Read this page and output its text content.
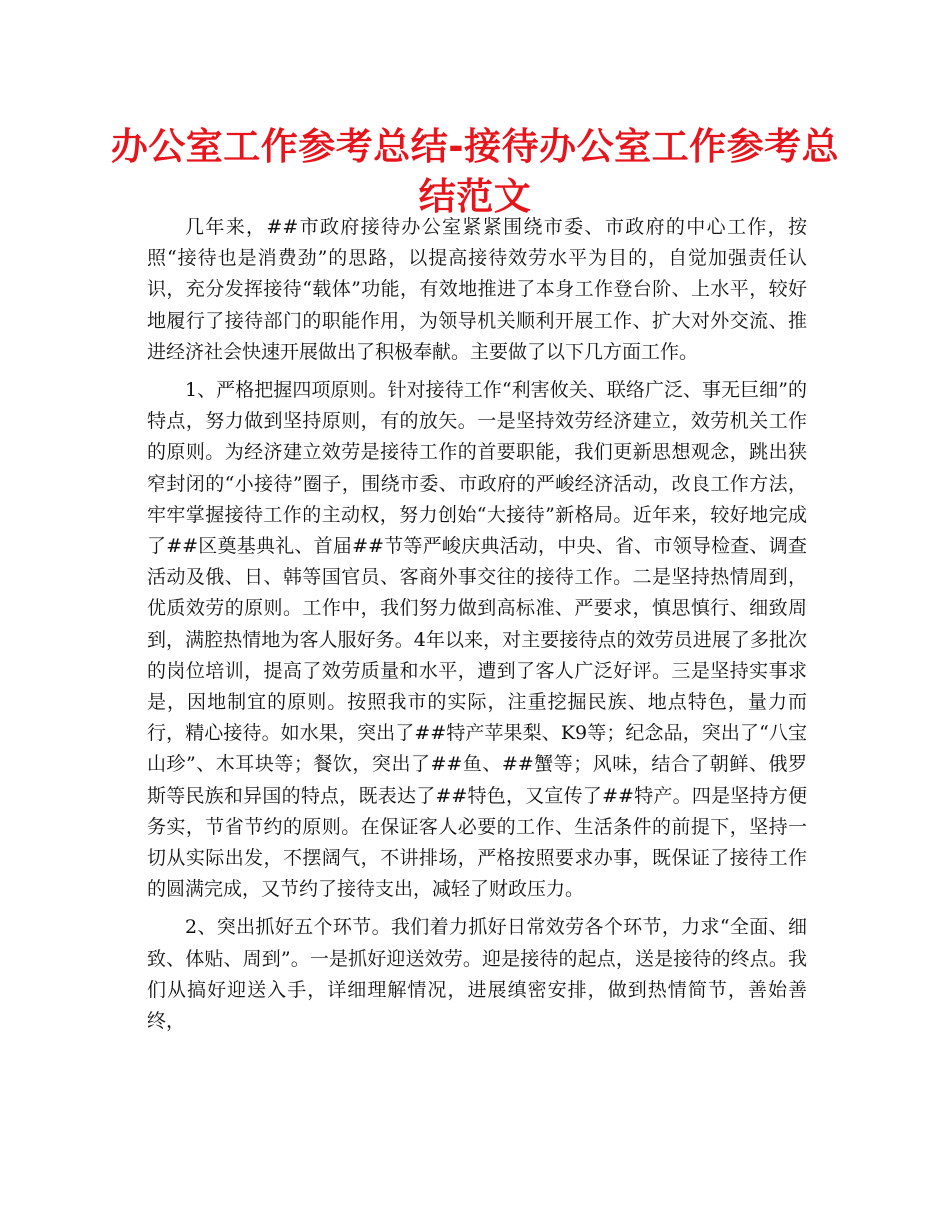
办公室工作参考总结-接待办公室工作参考总结范文

几年来，##市政府接待办公室紧紧围绕市委、市政府的中心工作，按照“接待也是消费劲”的思路，以提高接待效劳水平为目的，自觉加强责任认识，充分发挥接待“载体”功能，有效地推进了本身工作登台阶、上水平，较好地履行了接待部门的职能作用，为领导机关顺利开展工作、扩大对外交流、推进经济社会快速开展做出了积极奉献。主要做了以下几方面工作。

1、严格把握四项原则。针对接待工作“利害攸关、联络广泛、事无巨细”的特点，努力做到坚持原则，有的放矢。一是坚持效劳经济建立，效劳机关工作的原则。为经济建立效劳是接待工作的首要职能，我们更新思想观念，跳出狭窄封闭的“小接待”圈子，围绕市委、市政府的严峻经济活动，改良工作方法，牢牢掌握接待工作的主动权，努力创始“大接待”新格局。近年来，较好地完成了##区奠基典礼、首届##节等严峻庆典活动，中央、省、市领导检查、调查活动及俄、日、韩等国官员、客商外事交往的接待工作。二是坚持热情周到，优质效劳的原则。工作中，我们努力做到高标准、严要求，慎思慎行、细致周到，满腔热情地为客人服好务。4年以来，对主要接待点的效劳员进展了多批次的岗位培训，提高了效劳质量和水平，遭到了客人广泛好评。三是坚持实事求是，因地制宜的原则。按照我市的实际，注重挖掘民族、地点特色，量力而行，精心接待。如水果，突出了##特产苹果梨、K9等；纪念品，突出了“八宝山珍”、木耳块等；餐饮，突出了##鱼、##蟹等；风味，结合了朝鲜、俄罗斯等民族和异国的特点，既表达了##特色，又宣传了##特产。四是坚持方便务实，节省节约的原则。在保证客人必要的工作、生活条件的前提下，坚持一切从实际出发，不摆阔气，不讲排场，严格按照要求办事，既保证了接待工作的圆满完成，又节约了接待支出，减轻了财政压力。

2、突出抓好五个环节。我们着力抓好日常效劳各个环节，力求“全面、细致、体贴、周到”。一是抓好迎送效劳。迎是接待的起点，送是接待的终点。我们从搞好迎送入手，详细理解情况，进展缜密安排，做到热情简节，善始善终，
